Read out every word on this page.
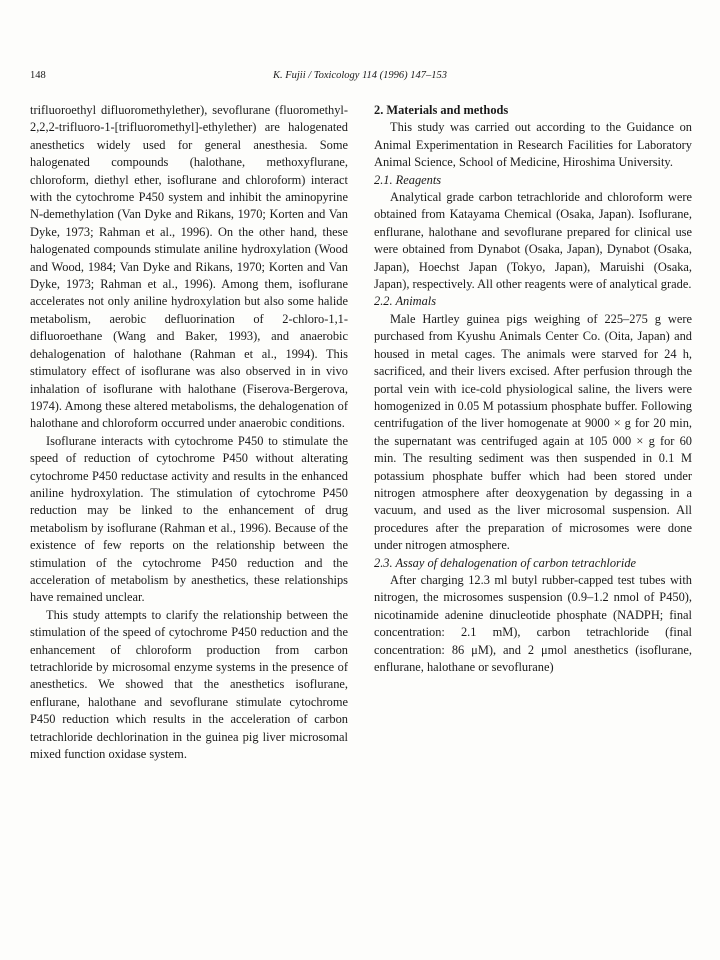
148	K. Fujii / Toxicology 114 (1996) 147–153

trifluoroethyl difluoromethylether), sevoflurane (fluoromethyl-2,2,2-trifluoro-1-[trifluoromethyl]-ethylether) are halogenated anesthetics widely used for general anesthesia. Some halogenated compounds (halothane, methoxyflurane, chloroform, diethyl ether, isoflurane and chloroform) interact with the cytochrome P450 system and inhibit the aminopyrine N-demethylation (Van Dyke and Rikans, 1970; Korten and Van Dyke, 1973; Rahman et al., 1996). On the other hand, these halogenated compounds stimulate aniline hydroxylation (Wood and Wood, 1984; Van Dyke and Rikans, 1970; Korten and Van Dyke, 1973; Rahman et al., 1996). Among them, isoflurane accelerates not only aniline hydroxylation but also some halide metabolism, aerobic defluorination of 2-chloro-1,1-difluoroethane (Wang and Baker, 1993), and anaerobic dehalogenation of halothane (Rahman et al., 1994). This stimulatory effect of isoflurane was also observed in in vivo inhalation of isoflurane with halothane (Fiserova-Bergerova, 1974). Among these altered metabolisms, the dehalogenation of halothane and chloroform occurred under anaerobic conditions.

Isoflurane interacts with cytochrome P450 to stimulate the speed of reduction of cytochrome P450 without alterating cytochrome P450 reductase activity and results in the enhanced aniline hydroxylation. The stimulation of cytochrome P450 reduction may be linked to the enhancement of drug metabolism by isoflurane (Rahman et al., 1996). Because of the existence of few reports on the relationship between the stimulation of the cytochrome P450 reduction and the acceleration of metabolism by anesthetics, these relationships have remained unclear.

This study attempts to clarify the relationship between the stimulation of the speed of cytochrome P450 reduction and the enhancement of chloroform production from carbon tetrachloride by microsomal enzyme systems in the presence of anesthetics. We showed that the anesthetics isoflurane, enflurane, halothane and sevoflurane stimulate cytochrome P450 reduction which results in the acceleration of carbon tetrachloride dechlorination in the guinea pig liver microsomal mixed function oxidase system.

2. Materials and methods

This study was carried out according to the Guidance on Animal Experimentation in Research Facilities for Laboratory Animal Science, School of Medicine, Hiroshima University.

2.1. Reagents

Analytical grade carbon tetrachloride and chloroform were obtained from Katayama Chemical (Osaka, Japan). Isoflurane, enflurane, halothane and sevoflurane prepared for clinical use were obtained from Dynabot (Osaka, Japan), Dynabot (Osaka, Japan), Hoechst Japan (Tokyo, Japan), Maruishi (Osaka, Japan), respectively. All other reagents were of analytical grade.

2.2. Animals

Male Hartley guinea pigs weighing of 225–275 g were purchased from Kyushu Animals Center Co. (Oita, Japan) and housed in metal cages. The animals were starved for 24 h, sacrificed, and their livers excised. After perfusion through the portal vein with ice-cold physiological saline, the livers were homogenized in 0.05 M potassium phosphate buffer. Following centrifugation of the liver homogenate at 9000 × g for 20 min, the supernatant was centrifuged again at 105 000 × g for 60 min. The resulting sediment was then suspended in 0.1 M potassium phosphate buffer which had been stored under nitrogen atmosphere after deoxygenation by degassing in a vacuum, and used as the liver microsomal suspension. All procedures after the preparation of microsomes were done under nitrogen atmosphere.

2.3. Assay of dehalogenation of carbon tetrachloride

After charging 12.3 ml butyl rubber-capped test tubes with nitrogen, the microsomes suspension (0.9–1.2 nmol of P450), nicotinamide adenine dinucleotide phosphate (NADPH; final concentration: 2.1 mM), carbon tetrachloride (final concentration: 86 μM), and 2 μmol anesthetics (isoflurane, enflurane, halothane or sevoflurane)
